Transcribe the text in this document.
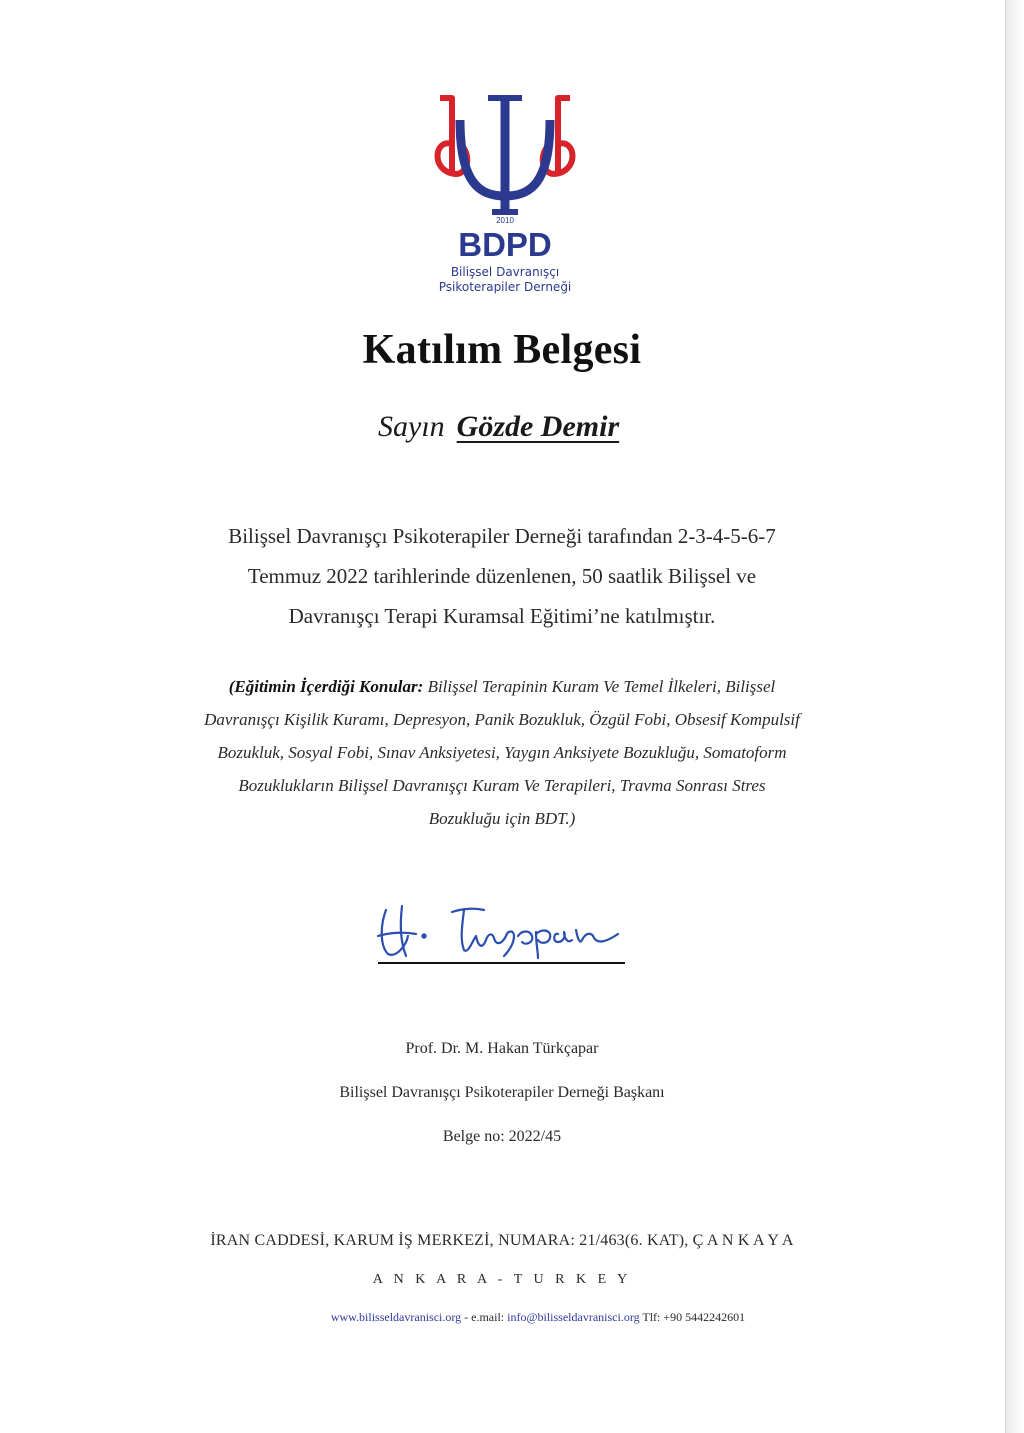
2010
BDPD
Bilişsel Davranışçı
Psikoterapiler Derneği
Katılım Belgesi
Sayın Gözde Demir
Bilişsel Davranışçı Psikoterapiler Derneği tarafından 2-3-4-5-6-7
Temmuz 2022 tarihlerinde düzenlenen, 50 saatlik Bilişsel ve
Davranışçı Terapi Kuramsal Eğitimi’ne katılmıştır.
(Eğitimin İçerdiği Konular: Bilişsel Terapinin Kuram Ve Temel İlkeleri, Bilişsel
Davranışçı Kişilik Kuramı, Depresyon, Panik Bozukluk, Özgül Fobi, Obsesif Kompulsif
Bozukluk, Sosyal Fobi, Sınav Anksiyetesi, Yaygın Anksiyete Bozukluğu, Somatoform
Bozuklukların Bilişsel Davranışçı Kuram Ve Terapileri, Travma Sonrası Stres
Bozukluğu için BDT.)
Prof. Dr. M. Hakan Türkçapar
Bilişsel Davranışçı Psikoterapiler Derneği Başkanı
Belge no: 2022/45
İRAN CADDESİ, KARUM İŞ MERKEZİ, NUMARA: 21/463(6. KAT), Ç A N K A Y A
A N K A R A - T U R K E Y
www.bilisseldavranisci.org - e.mail: info@bilisseldavranisci.org Tlf: +90 5442242601
